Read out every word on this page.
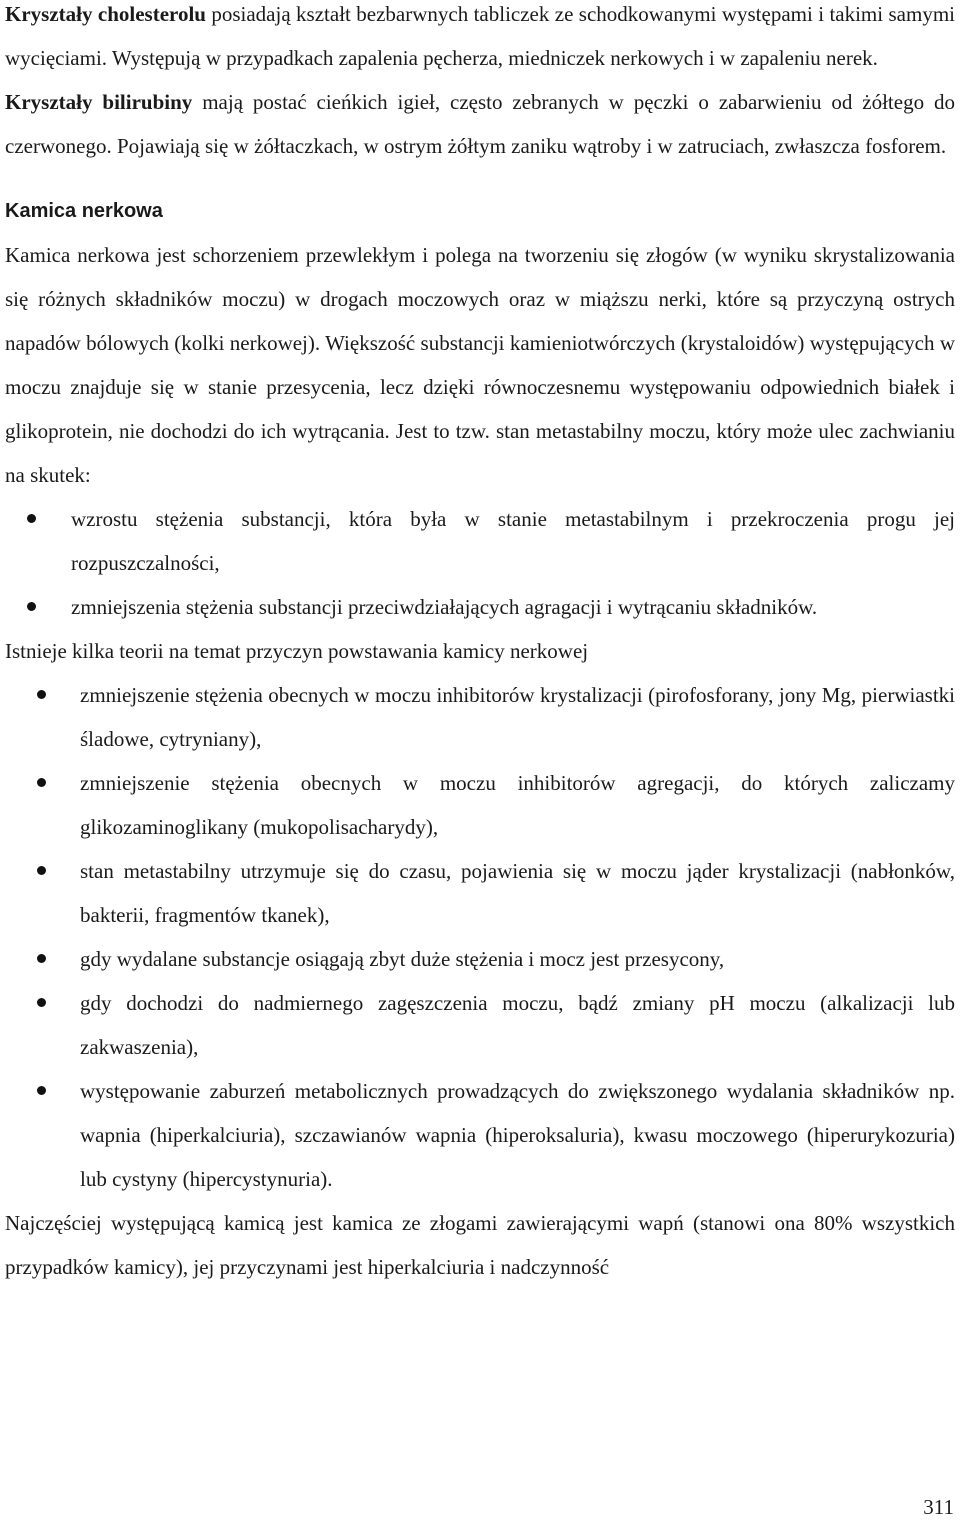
Kryształy cholesterolu posiadają kształt bezbarwnych tabliczek ze schodkowanymi występami i takimi samymi wycięciami. Występują w przypadkach zapalenia pęcherza, miedniczek nerkowych i w zapaleniu nerek.

Kryształy bilirubiny mają postać cieńkich igieł, często zebranych w pęczki o zabarwieniu od żółtego do czerwonego. Pojawiają się w żółtaczkach, w ostrym żółtym zaniku wątroby i w zatruciach, zwłaszcza fosforem.

Kamica nerkowa

Kamica nerkowa jest schorzeniem przewlekłym i polega na tworzeniu się złogów (w wyniku skrystalizowania się różnych składników moczu) w drogach moczowych oraz w miąższu nerki, które są przyczyną ostrych napadów bólowych (kolki nerkowej). Większość substancji kamieniotwórczych (krystaloidów) występujących w moczu znajduje się w stanie przesycenia, lecz dzięki równoczesnemu występowaniu odpowiednich białek i glikoprotein, nie dochodzi do ich wytrącania. Jest to tzw. stan metastabilny moczu, który może ulec zachwianiu na skutek:

wzrostu stężenia substancji, która była w stanie metastabilnym i przekroczenia progu jej rozpuszczalności,
zmniejszenia stężenia substancji przeciwdziałających agragacji i wytrącaniu składników.

Istnieje kilka teorii na temat przyczyn powstawania kamicy nerkowej

zmniejszenie stężenia obecnych w moczu inhibitorów krystalizacji (pirofosforany, jony Mg, pierwiastki śladowe, cytryniany),
zmniejszenie stężenia obecnych w moczu inhibitorów agregacji, do których zaliczamy glikozaminoglikany (mukopolisacharydy),
stan metastabilny utrzymuje się do czasu, pojawienia się w moczu jąder krystalizacji (nabłonków, bakterii, fragmentów tkanek),
gdy wydalane substancje osiągają zbyt duże stężenia i mocz jest przesycony,
gdy dochodzi do nadmiernego zagęszczenia moczu, bądź zmiany pH moczu (alkalizacji lub zakwaszenia),
występowanie zaburzeń metabolicznych prowadzących do zwiększonego wydalania składników np. wapnia (hiperkalciuria), szczawianów wapnia (hiperoksaluria), kwasu moczowego (hiperurykozuria) lub cystyny (hipercystynuria).

Najczęściej występującą kamicą jest kamica ze złogami zawierającymi wapń (stanowi ona 80% wszystkich przypadków kamicy), jej przyczynami jest hiperkalciuria i nadczynność

311
